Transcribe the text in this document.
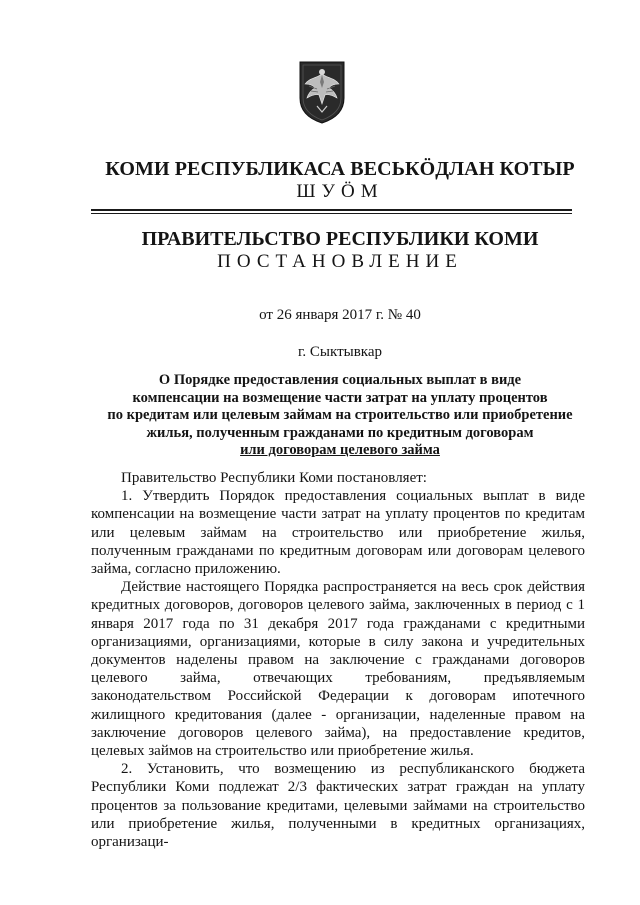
КОМИ РЕСПУБЛИКАСА ВЕСЬКÖДЛАН КОТЫР
ШУÖМ
ПРАВИТЕЛЬСТВО РЕСПУБЛИКИ КОМИ
ПОСТАНОВЛЕНИЕ
от 26 января 2017 г. № 40
г. Сыктывкар
О Порядке предоставления социальных выплат в виде
компенсации на возмещение части затрат на уплату процентов
по кредитам или целевым займам на строительство или приобретение
жилья, полученным гражданами по кредитным договорам
или договорам целевого займа

Правительство Республики Коми постановляет:

1. Утвердить Порядок предоставления социальных выплат в виде компенсации на возмещение части затрат на уплату процентов по кредитам или целевым займам на строительство или приобретение жилья, полученным гражданами по кредитным договорам или договорам целевого займа, согласно приложению.

Действие настоящего Порядка распространяется на весь срок действия кредитных договоров, договоров целевого займа, заключенных в период с 1 января 2017 года по 31 декабря 2017 года гражданами с кредитными организациями, организациями, которые в силу закона и учредительных документов наделены правом на заключение с гражданами договоров целевого займа, отвечающих требованиям, предъявляемым законодательством Российской Федерации к договорам ипотечного жилищного кредитования (далее - организации, наделенные правом на заключение договоров целевого займа), на предоставление кредитов, целевых займов на строительство или приобретение жилья.

2. Установить, что возмещению из республиканского бюджета Республики Коми подлежат 2/3 фактических затрат граждан на уплату процентов за пользование кредитами, целевыми займами на строительство или приобретение жилья, полученными в кредитных организациях, организаци-
